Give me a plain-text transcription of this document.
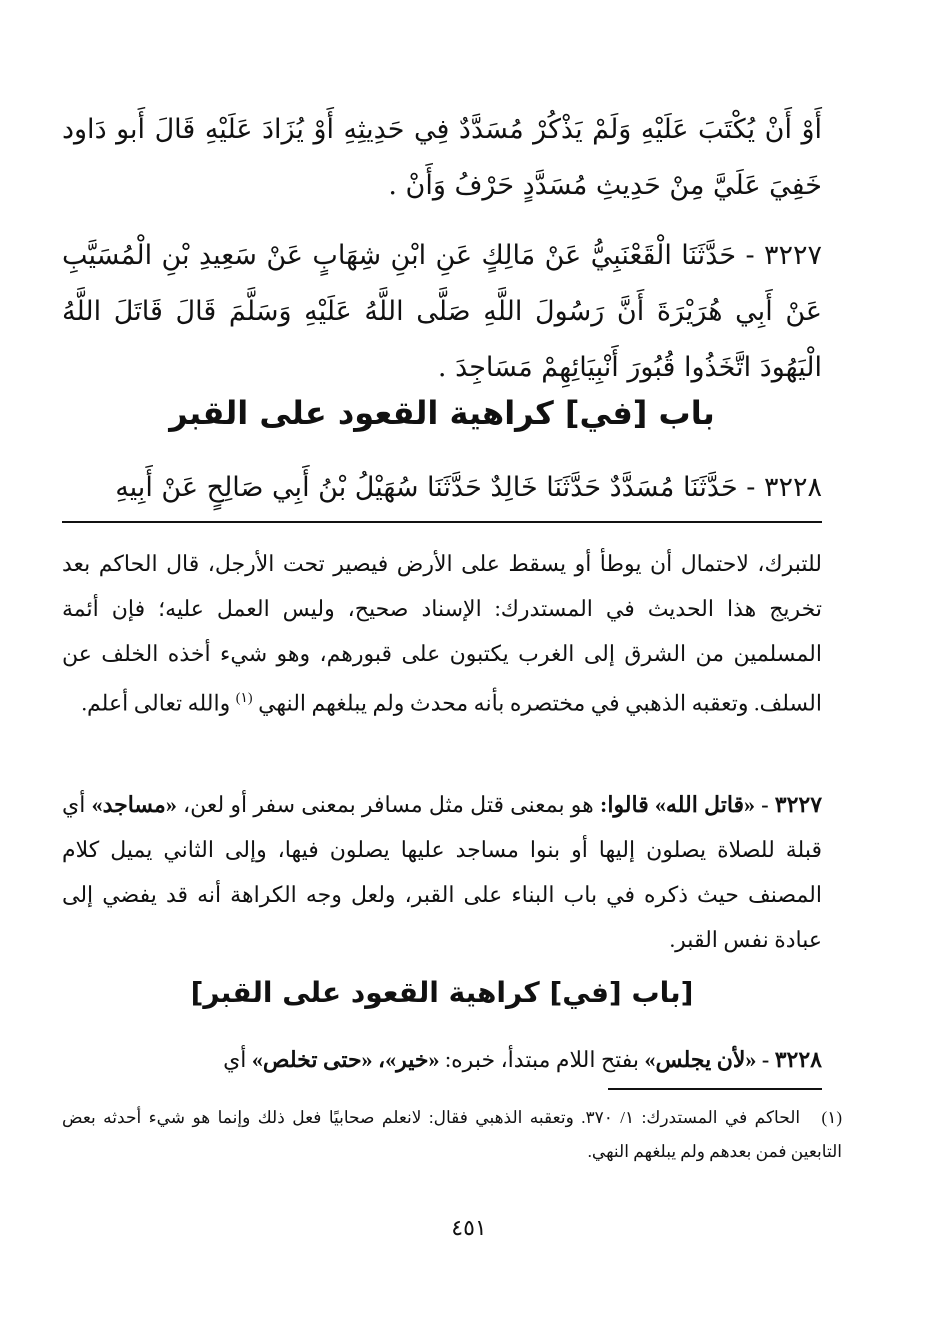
أَوْ أَنْ يُكْتَبَ عَلَيْهِ وَلَمْ يَذْكُرْ مُسَدَّدٌ فِي حَدِيثِهِ أَوْ يُزَادَ عَلَيْهِ قَالَ أَبو دَاود خَفِيَ عَلَيَّ مِنْ حَدِيثِ مُسَدَّدٍ حَرْفُ وَأَنْ .
٣٢٢٧ - حَدَّثَنَا الْقَعْنَبِيُّ عَنْ مَالِكٍ عَنِ ابْنِ شِهَابٍ عَنْ سَعِيدِ بْنِ الْمُسَيَّبِ عَنْ أَبِي هُرَيْرَةَ أَنَّ رَسُولَ اللَّهِ صَلَّى اللَّهُ عَلَيْهِ وَسَلَّمَ قَالَ قَاتَلَ اللَّهُ الْيَهُودَ اتَّخَذُوا قُبُورَ أَنْبِيَائِهِمْ مَسَاجِدَ .
باب [في] كراهية القعود على القبر
٣٢٢٨ - حَدَّثَنَا مُسَدَّدٌ حَدَّثَنَا خَالِدٌ حَدَّثَنَا سُهَيْلُ بْنُ أَبِي صَالِحٍ عَنْ أَبِيهِ
للتبرك، لاحتمال أن يوطأ أو يسقط على الأرض فيصير تحت الأرجل، قال الحاكم بعد تخريج هذا الحديث في المستدرك: الإسناد صحيح، وليس العمل عليه؛ فإن أئمة المسلمين من الشرق إلى الغرب يكتبون على قبورهم، وهو شيء أخذه الخلف عن السلف. وتعقبه الذهبي في مختصره بأنه محدث ولم يبلغهم النهي $^{(١)}$ والله تعالى أعلم.
٣٢٢٧ - «قاتل الله» قالوا: هو بمعنى قتل مثل مسافر بمعنى سفر أو لعن، «مساجد» أي قبلة للصلاة يصلون إليها أو بنوا مساجد عليها يصلون فيها، وإلى الثاني يميل كلام المصنف حيث ذكره في باب البناء على القبر، ولعل وجه الكراهة أنه قد يفضي إلى عبادة نفس القبر.
[باب [في] كراهية القعود على القبر]
٣٢٢٨ - «لأن يجلس» بفتح اللام مبتدأ، خبره: «خير»، «حتى تخلص» أي
(١) الحاكم في المستدرك: ١/ ٣٧٠. وتعقبه الذهبي فقال: لانعلم صحابيًا فعل ذلك وإنما هو شيء أحدثه بعض التابعين فمن بعدهم ولم يبلغهم النهي.
٤٥١
